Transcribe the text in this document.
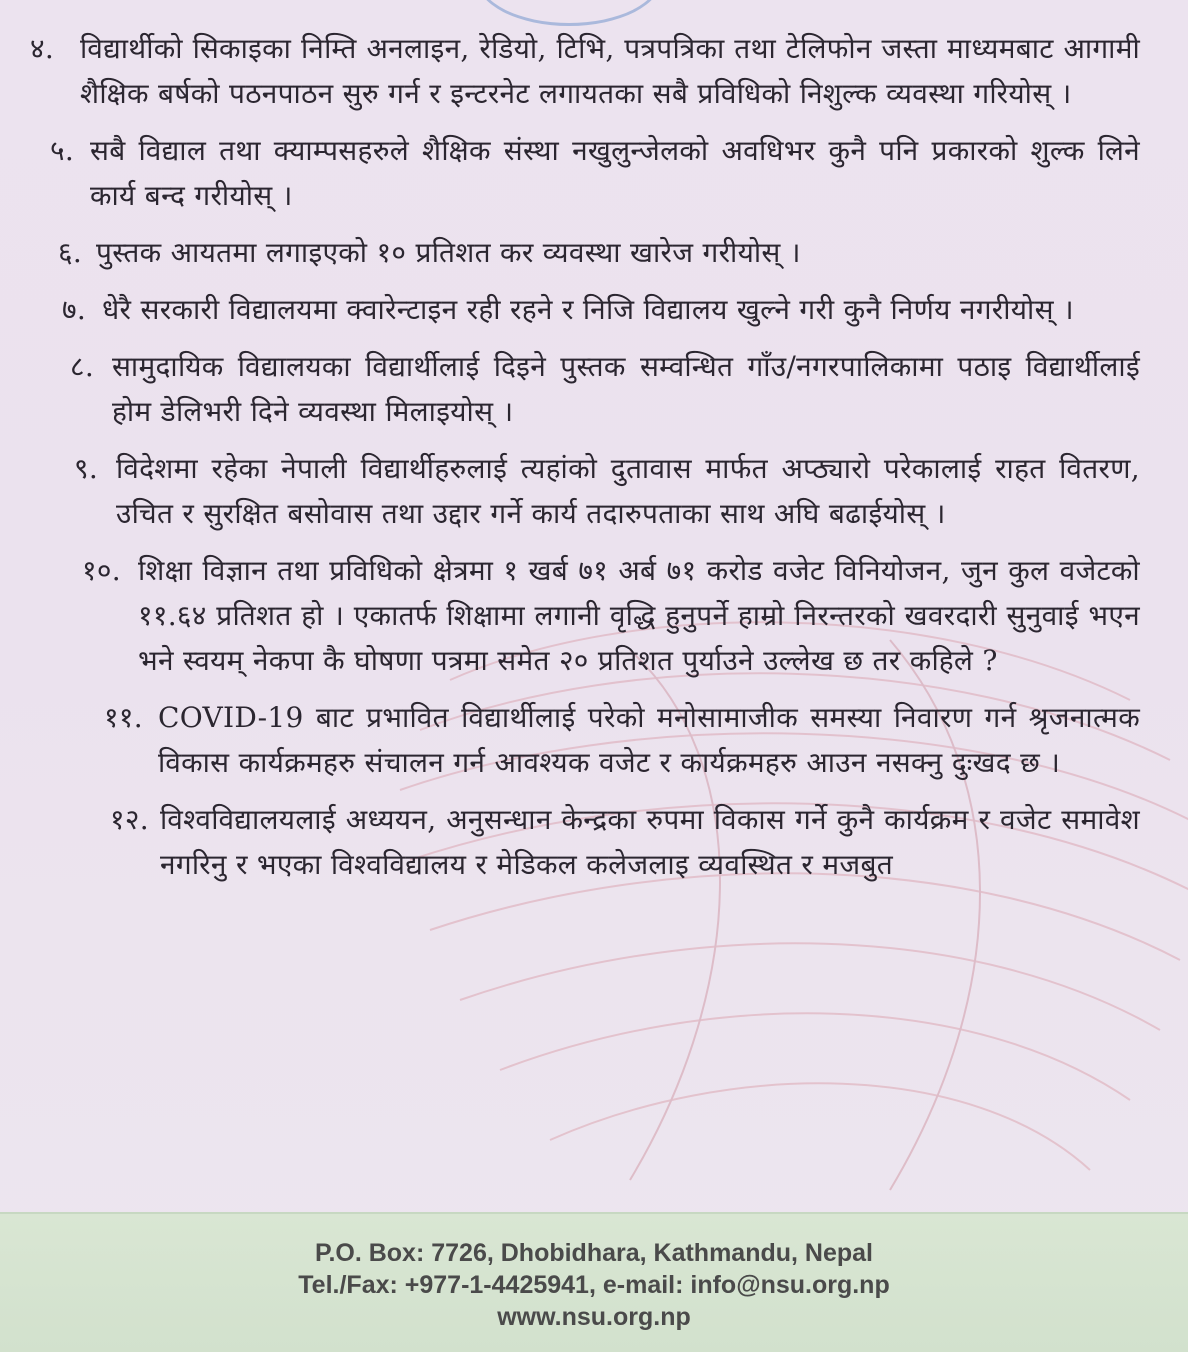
४. विद्यार्थीको सिकाइका निम्ति अनलाइन, रेडियो, टिभि, पत्रपत्रिका तथा टेलिफोन जस्ता माध्यमबाट आगामी शैक्षिक बर्षको पठनपाठन सुरु गर्न र इन्टरनेट लगायतका सबै प्रविधिको निशुल्क व्यवस्था गरियोस् ।
५. सबै विद्याल तथा क्याम्पसहरुले शैक्षिक संस्था नखुलुन्जेलको अवधिभर कुनै पनि प्रकारको शुल्क लिने कार्य बन्द गरीयोस् ।
६. पुस्तक आयतमा लगाइएको १० प्रतिशत कर व्यवस्था खारेज गरीयोस् ।
७. धेरै सरकारी विद्यालयमा क्वारेन्टाइन रही रहने र निजि विद्यालय खुल्ने गरी कुनै निर्णय नगरीयोस् ।
८. सामुदायिक विद्यालयका विद्यार्थीलाई दिइने पुस्तक सम्वन्धित गाँउ/नगरपालिकामा पठाइ विद्यार्थीलाई होम डेलिभरी दिने व्यवस्था मिलाइयोस् ।
९. विदेशमा रहेका नेपाली विद्यार्थीहरुलाई त्यहांको दुतावास मार्फत अप्ठ्यारो परेकालाई राहत वितरण, उचित र सुरक्षित बसोवास तथा उद्दार गर्ने कार्य तदारुपताका साथ अघि बढाईयोस् ।
१०. शिक्षा विज्ञान तथा प्रविधिको क्षेत्रमा १ खर्ब ७१ अर्ब ७१ करोड वजेट विनियोजन, जुन कुल वजेटको ११.६४ प्रतिशत हो । एकातर्फ शिक्षामा लगानी वृद्धि हुनुपर्ने हाम्रो निरन्तरको खवरदारी सुनुवाई भएन भने स्वयम् नेकपा कै घोषणा पत्रमा समेत २० प्रतिशत पुर्याउने उल्लेख छ तर कहिले ?
११. COVID-19 बाट प्रभावित विद्यार्थीलाई परेको मनोसामाजीक समस्या निवारण गर्न श्रृजनात्मक विकास कार्यक्रमहरु संचालन गर्न आवश्यक वजेट र कार्यक्रमहरु आउन नसक्नु दुःखद छ ।
१२. विश्वविद्यालयलाई अध्ययन, अनुसन्धान केन्द्रका रुपमा विकास गर्ने कुनै कार्यक्रम र वजेट समावेश नगरिनु र भएका विश्वविद्यालय र मेडिकल कलेजलाइ व्यवस्थित र मजबुत
P.O. Box: 7726, Dhobidhara, Kathmandu, Nepal
Tel./Fax: +977-1-4425941, e-mail: info@nsu.org.np
www.nsu.org.np
